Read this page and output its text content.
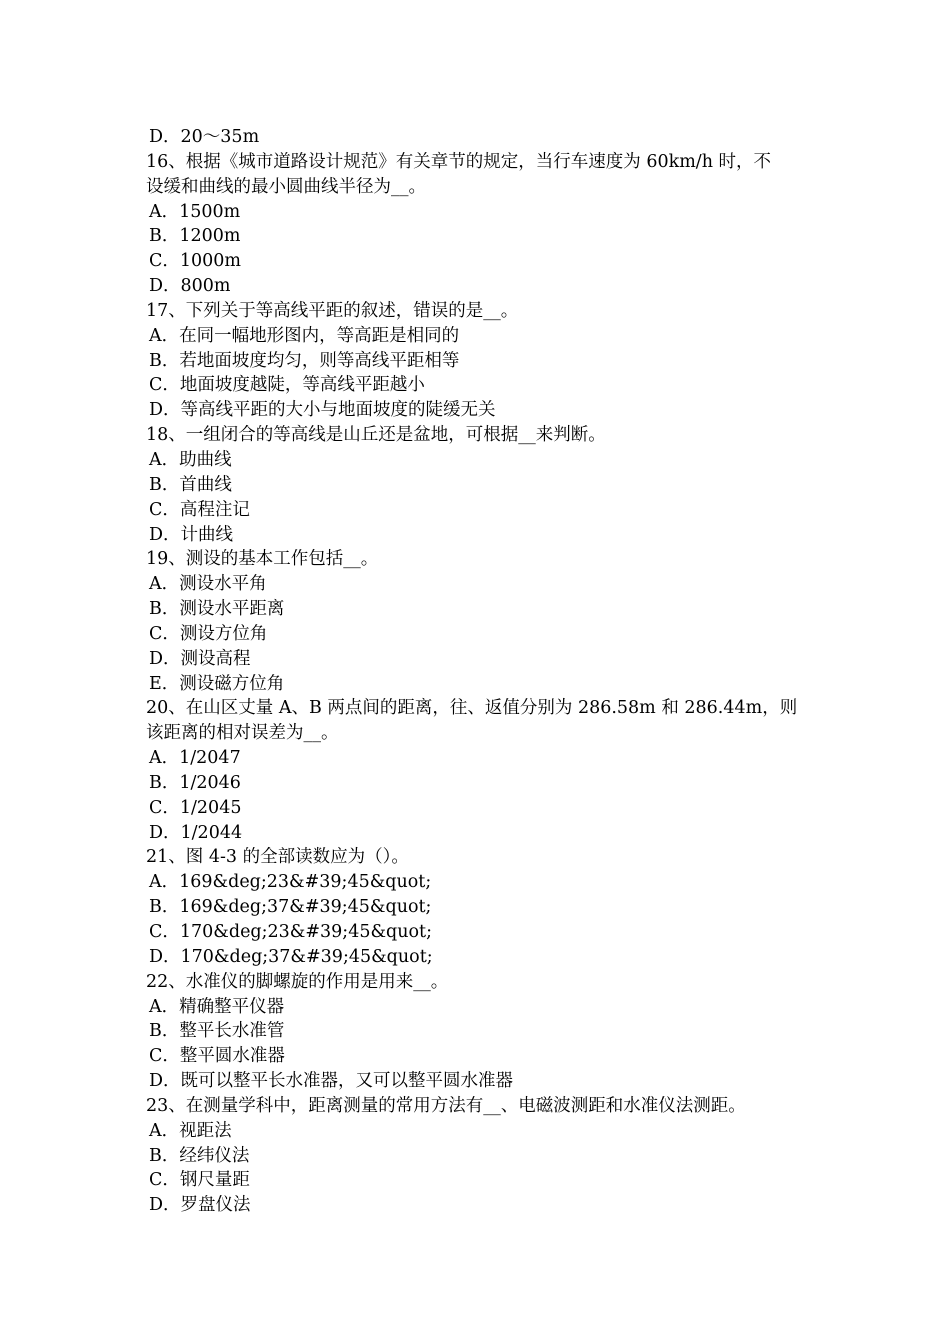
D．20～35m
16、根据《城市道路设计规范》有关章节的规定，当行车速度为 60km/h 时，不
设缓和曲线的最小圆曲线半径为__。
A．1500m
B．1200m
C．1000m
D．800m
17、下列关于等高线平距的叙述，错误的是__。
A．在同一幅地形图内，等高距是相同的
B．若地面坡度均匀，则等高线平距相等
C．地面坡度越陡，等高线平距越小
D．等高线平距的大小与地面坡度的陡缓无关
18、一组闭合的等高线是山丘还是盆地，可根据__来判断。
A．助曲线
B．首曲线
C．高程注记
D．计曲线
19、测设的基本工作包括__。
A．测设水平角
B．测设水平距离
C．测设方位角
D．测设高程
E．测设磁方位角
20、在山区丈量 A、B 两点间的距离，往、返值分别为 286.58m 和 286.44m，则
该距离的相对误差为__。
A．1/2047
B．1/2046
C．1/2045
D．1/2044
21、图 4-3 的全部读数应为（）。
A．169&deg;23&#39;45&quot;
B．169&deg;37&#39;45&quot;
C．170&deg;23&#39;45&quot;
D．170&deg;37&#39;45&quot;
22、水准仪的脚螺旋的作用是用来__。
A．精确整平仪器
B．整平长水准管
C．整平圆水准器
D．既可以整平长水准器，又可以整平圆水准器
23、在测量学科中，距离测量的常用方法有__、电磁波测距和水准仪法测距。
A．视距法
B．经纬仪法
C．钢尺量距
D．罗盘仪法
